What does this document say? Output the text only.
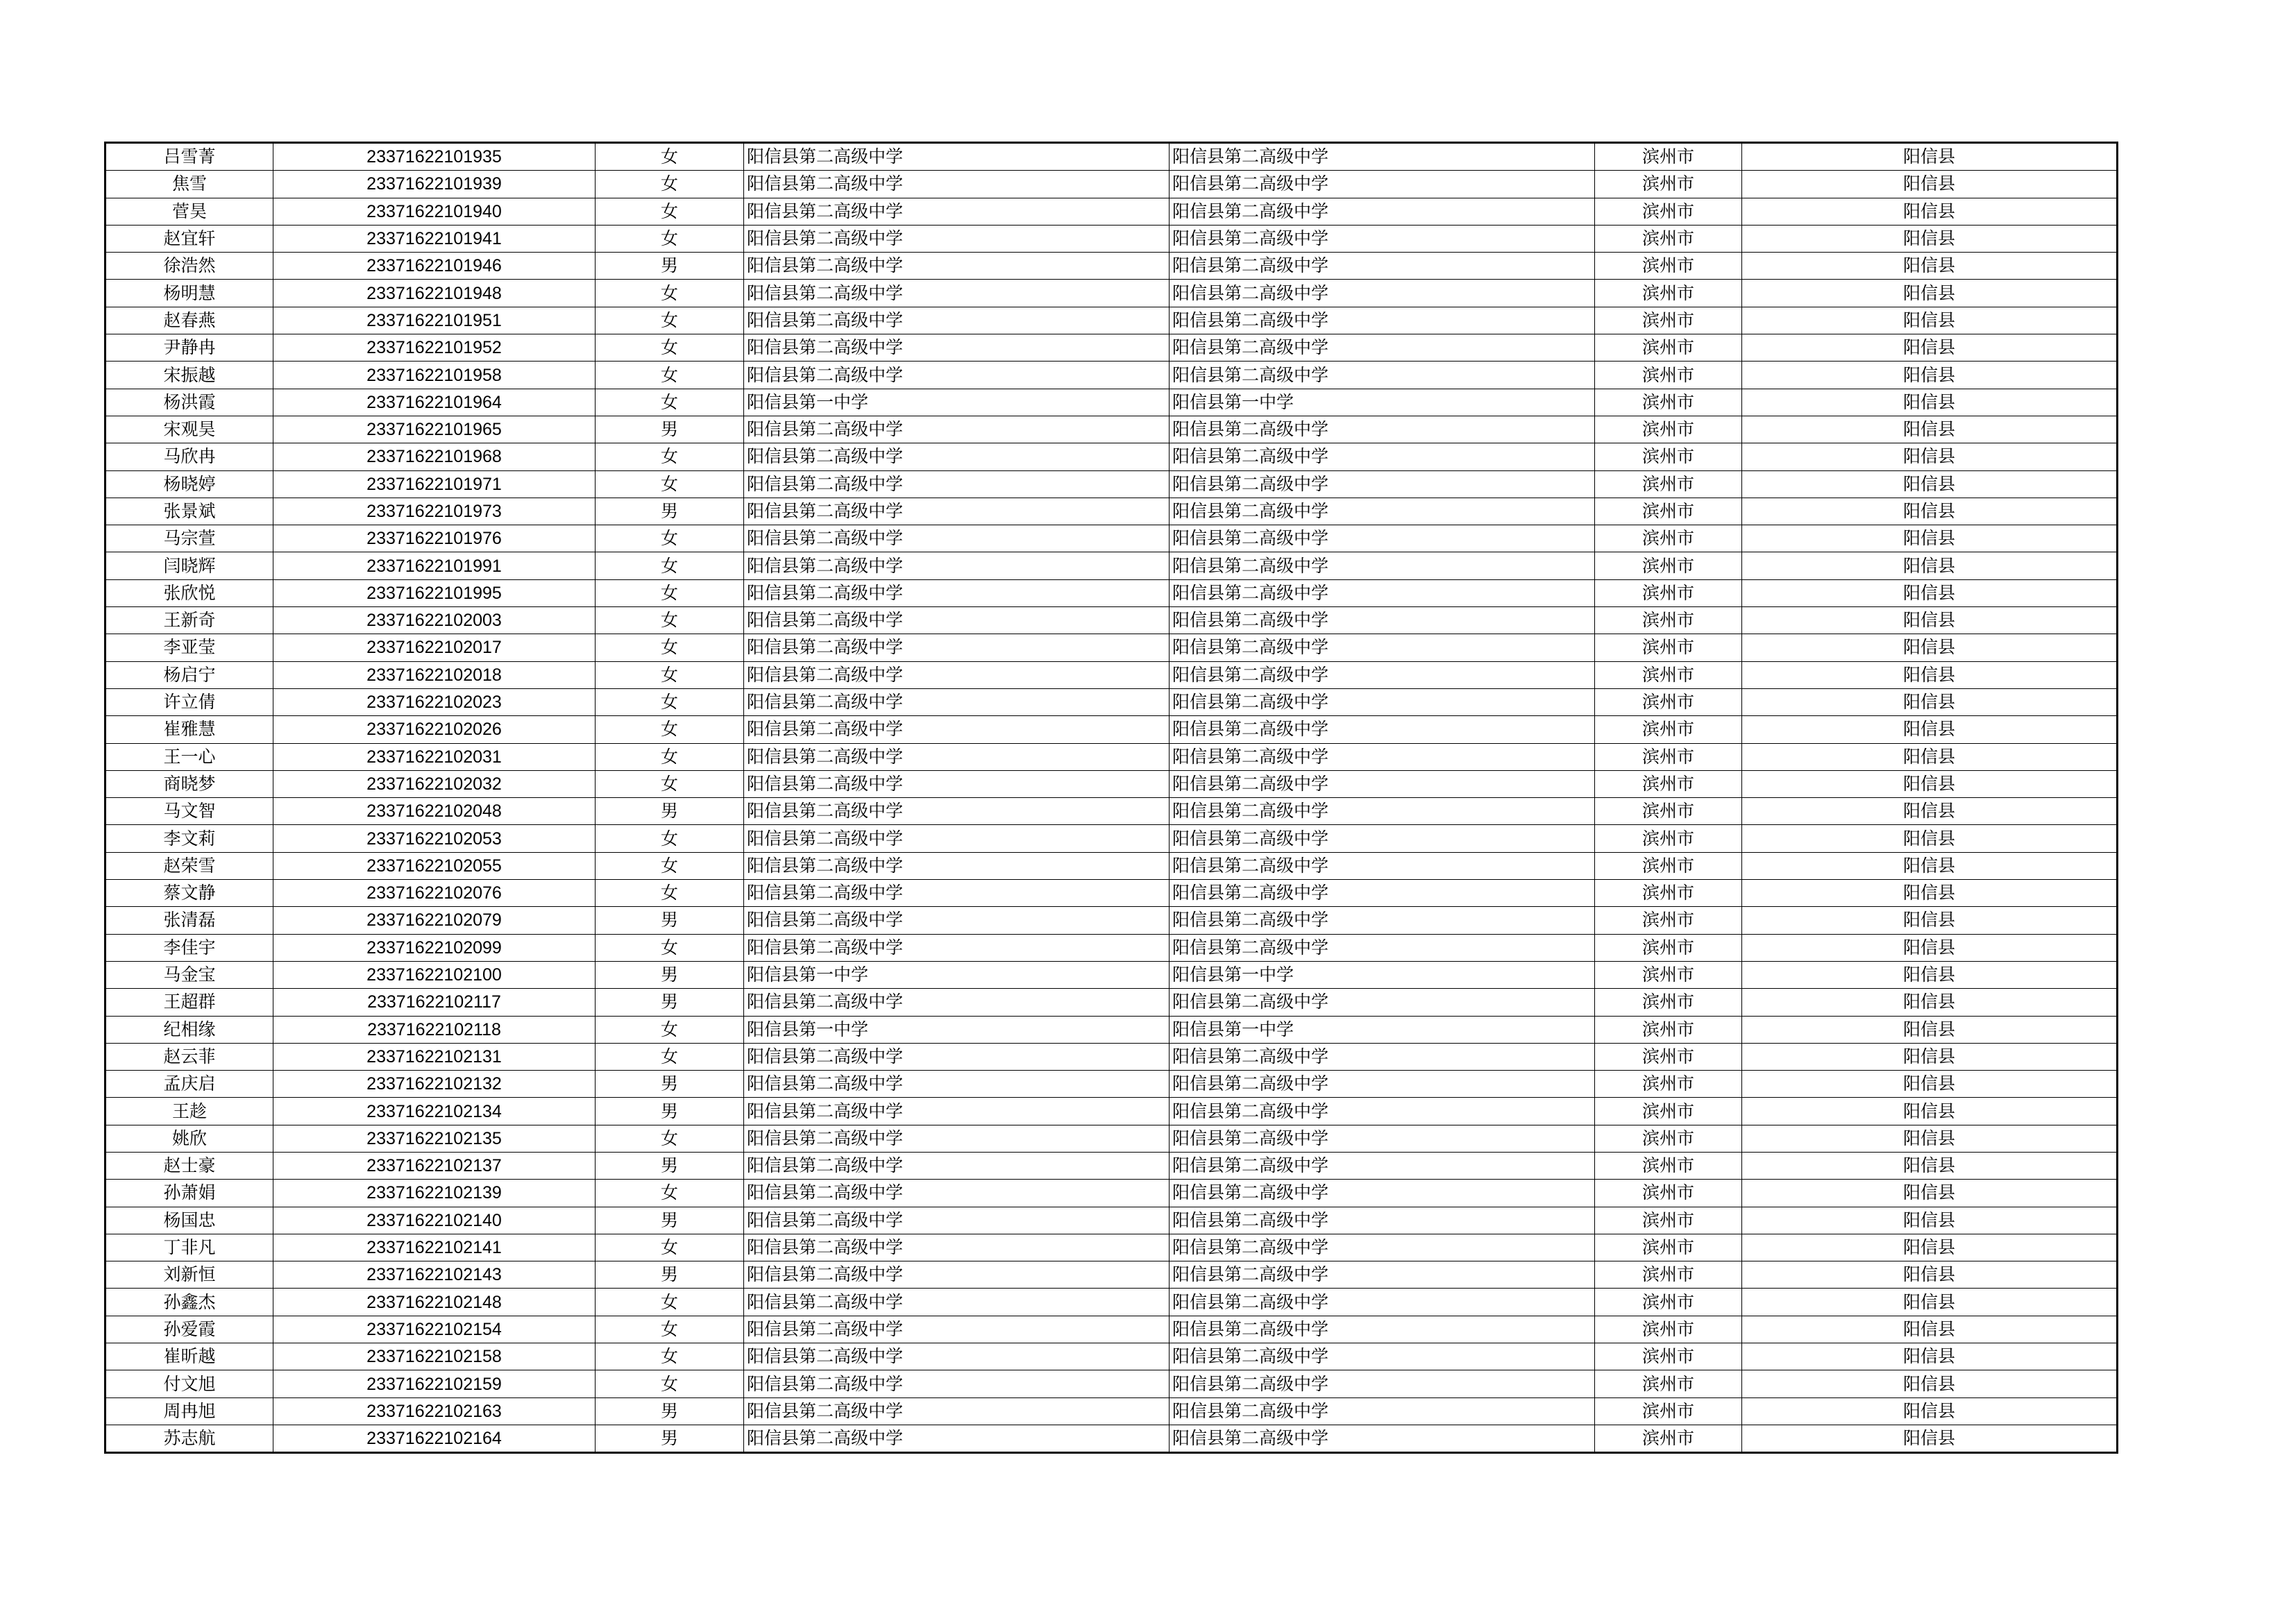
吕雪菁	23371622101935	女	阳信县第二高级中学	阳信县第二高级中学	滨州市	阳信县
焦雪	23371622101939	女	阳信县第二高级中学	阳信县第二高级中学	滨州市	阳信县
菅昊	23371622101940	女	阳信县第二高级中学	阳信县第二高级中学	滨州市	阳信县
赵宜轩	23371622101941	女	阳信县第二高级中学	阳信县第二高级中学	滨州市	阳信县
徐浩然	23371622101946	男	阳信县第二高级中学	阳信县第二高级中学	滨州市	阳信县
杨明慧	23371622101948	女	阳信县第二高级中学	阳信县第二高级中学	滨州市	阳信县
赵春燕	23371622101951	女	阳信县第二高级中学	阳信县第二高级中学	滨州市	阳信县
尹静冉	23371622101952	女	阳信县第二高级中学	阳信县第二高级中学	滨州市	阳信县
宋振越	23371622101958	女	阳信县第二高级中学	阳信县第二高级中学	滨州市	阳信县
杨洪霞	23371622101964	女	阳信县第一中学	阳信县第一中学	滨州市	阳信县
宋观昊	23371622101965	男	阳信县第二高级中学	阳信县第二高级中学	滨州市	阳信县
马欣冉	23371622101968	女	阳信县第二高级中学	阳信县第二高级中学	滨州市	阳信县
杨晓婷	23371622101971	女	阳信县第二高级中学	阳信县第二高级中学	滨州市	阳信县
张景斌	23371622101973	男	阳信县第二高级中学	阳信县第二高级中学	滨州市	阳信县
马宗萱	23371622101976	女	阳信县第二高级中学	阳信县第二高级中学	滨州市	阳信县
闫晓辉	23371622101991	女	阳信县第二高级中学	阳信县第二高级中学	滨州市	阳信县
张欣悦	23371622101995	女	阳信县第二高级中学	阳信县第二高级中学	滨州市	阳信县
王新奇	23371622102003	女	阳信县第二高级中学	阳信县第二高级中学	滨州市	阳信县
李亚莹	23371622102017	女	阳信县第二高级中学	阳信县第二高级中学	滨州市	阳信县
杨启宁	23371622102018	女	阳信县第二高级中学	阳信县第二高级中学	滨州市	阳信县
许立倩	23371622102023	女	阳信县第二高级中学	阳信县第二高级中学	滨州市	阳信县
崔雅慧	23371622102026	女	阳信县第二高级中学	阳信县第二高级中学	滨州市	阳信县
王一心	23371622102031	女	阳信县第二高级中学	阳信县第二高级中学	滨州市	阳信县
商晓梦	23371622102032	女	阳信县第二高级中学	阳信县第二高级中学	滨州市	阳信县
马文智	23371622102048	男	阳信县第二高级中学	阳信县第二高级中学	滨州市	阳信县
李文莉	23371622102053	女	阳信县第二高级中学	阳信县第二高级中学	滨州市	阳信县
赵荣雪	23371622102055	女	阳信县第二高级中学	阳信县第二高级中学	滨州市	阳信县
蔡文静	23371622102076	女	阳信县第二高级中学	阳信县第二高级中学	滨州市	阳信县
张清磊	23371622102079	男	阳信县第二高级中学	阳信县第二高级中学	滨州市	阳信县
李佳宇	23371622102099	女	阳信县第二高级中学	阳信县第二高级中学	滨州市	阳信县
马金宝	23371622102100	男	阳信县第一中学	阳信县第一中学	滨州市	阳信县
王超群	23371622102117	男	阳信县第二高级中学	阳信县第二高级中学	滨州市	阳信县
纪相缘	23371622102118	女	阳信县第一中学	阳信县第一中学	滨州市	阳信县
赵云菲	23371622102131	女	阳信县第二高级中学	阳信县第二高级中学	滨州市	阳信县
孟庆启	23371622102132	男	阳信县第二高级中学	阳信县第二高级中学	滨州市	阳信县
王趁	23371622102134	男	阳信县第二高级中学	阳信县第二高级中学	滨州市	阳信县
姚欣	23371622102135	女	阳信县第二高级中学	阳信县第二高级中学	滨州市	阳信县
赵士豪	23371622102137	男	阳信县第二高级中学	阳信县第二高级中学	滨州市	阳信县
孙萧娟	23371622102139	女	阳信县第二高级中学	阳信县第二高级中学	滨州市	阳信县
杨国忠	23371622102140	男	阳信县第二高级中学	阳信县第二高级中学	滨州市	阳信县
丁非凡	23371622102141	女	阳信县第二高级中学	阳信县第二高级中学	滨州市	阳信县
刘新恒	23371622102143	男	阳信县第二高级中学	阳信县第二高级中学	滨州市	阳信县
孙鑫杰	23371622102148	女	阳信县第二高级中学	阳信县第二高级中学	滨州市	阳信县
孙爱霞	23371622102154	女	阳信县第二高级中学	阳信县第二高级中学	滨州市	阳信县
崔昕越	23371622102158	女	阳信县第二高级中学	阳信县第二高级中学	滨州市	阳信县
付文旭	23371622102159	女	阳信县第二高级中学	阳信县第二高级中学	滨州市	阳信县
周冉旭	23371622102163	男	阳信县第二高级中学	阳信县第二高级中学	滨州市	阳信县
苏志航	23371622102164	男	阳信县第二高级中学	阳信县第二高级中学	滨州市	阳信县
